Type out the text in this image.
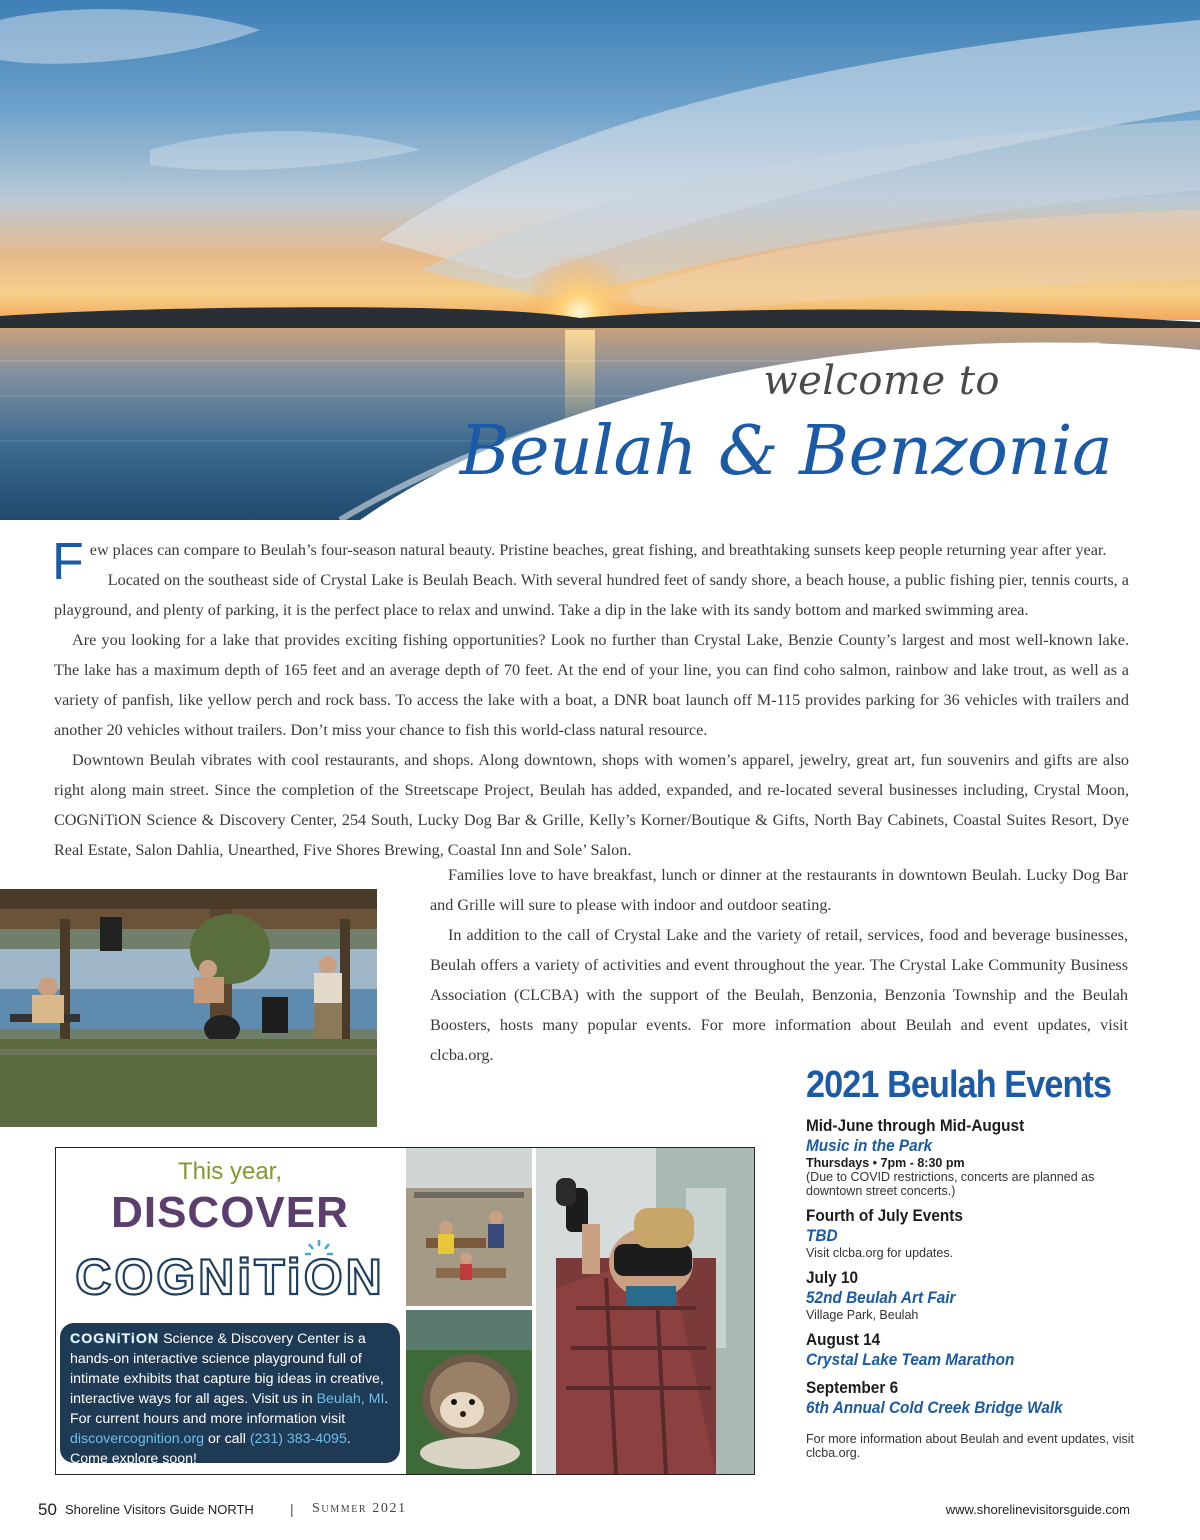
welcome to
Beulah & Benzonia

Few places can compare to Beulah’s four-season natural beauty. Pristine beaches, great fishing, and breathtaking sunsets keep people returning year after year.

Located on the southeast side of Crystal Lake is Beulah Beach. With several hundred feet of sandy shore, a beach house, a public fishing pier, tennis courts, a playground, and plenty of parking, it is the perfect place to relax and unwind. Take a dip in the lake with its sandy bottom and marked swimming area.

Are you looking for a lake that provides exciting fishing opportunities? Look no further than Crystal Lake, Benzie County’s largest and most well-known lake. The lake has a maximum depth of 165 feet and an average depth of 70 feet. At the end of your line, you can find coho salmon, rainbow and lake trout, as well as a variety of panfish, like yellow perch and rock bass. To access the lake with a boat, a DNR boat launch off M-115 provides parking for 36 vehicles with trailers and another 20 vehicles without trailers. Don’t miss your chance to fish this world-class natural resource.

Downtown Beulah vibrates with cool restaurants, and shops. Along downtown, shops with women’s apparel, jewelry, great art, fun souvenirs and gifts are also right along main street. Since the completion of the Streetscape Project, Beulah has added, expanded, and re-located several businesses including, Crystal Moon, COGNiTiON Science & Discovery Center, 254 South, Lucky Dog Bar & Grille, Kelly’s Korner/Boutique & Gifts, North Bay Cabinets, Coastal Suites Resort, Dye Real Estate, Salon Dahlia, Unearthed, Five Shores Brewing, Coastal Inn and Sole’ Salon.

Families love to have breakfast, lunch or dinner at the restaurants in downtown Beulah. Lucky Dog Bar and Grille will sure to please with indoor and outdoor seating.

In addition to the call of Crystal Lake and the variety of retail, services, food and beverage businesses, Beulah offers a variety of activities and event throughout the year. The Crystal Lake Community Business Association (CLCBA) with the support of the Beulah, Benzonia, Benzonia Township and the Beulah Boosters, hosts many popular events. For more information about Beulah and event updates, visit clcba.org.

This year,
DISCOVER
COGNiTiON
COGNiTiON Science & Discovery Center is a hands-on interactive science playground full of intimate exhibits that capture big ideas in creative, interactive ways for all ages. Visit us in Beulah, MI. For current hours and more information visit discovercognition.org or call (231) 383-4095. Come explore soon!
2021 Beulah Events
Mid-June through Mid-August
Music in the Park
Thursdays • 7pm - 8:30 pm
(Due to COVID restrictions, concerts are planned as downtown street concerts.)
Fourth of July Events
TBD
Visit clcba.org for updates.
July 10
52nd Beulah Art Fair
Village Park, Beulah
August 14
Crystal Lake Team Marathon
September 6
6th Annual Cold Creek Bridge Walk
For more information about Beulah and event updates, visit clcba.org.
50 Shoreline Visitors Guide NORTH	| Summer 2021	www.shorelinevisitorsguide.com
